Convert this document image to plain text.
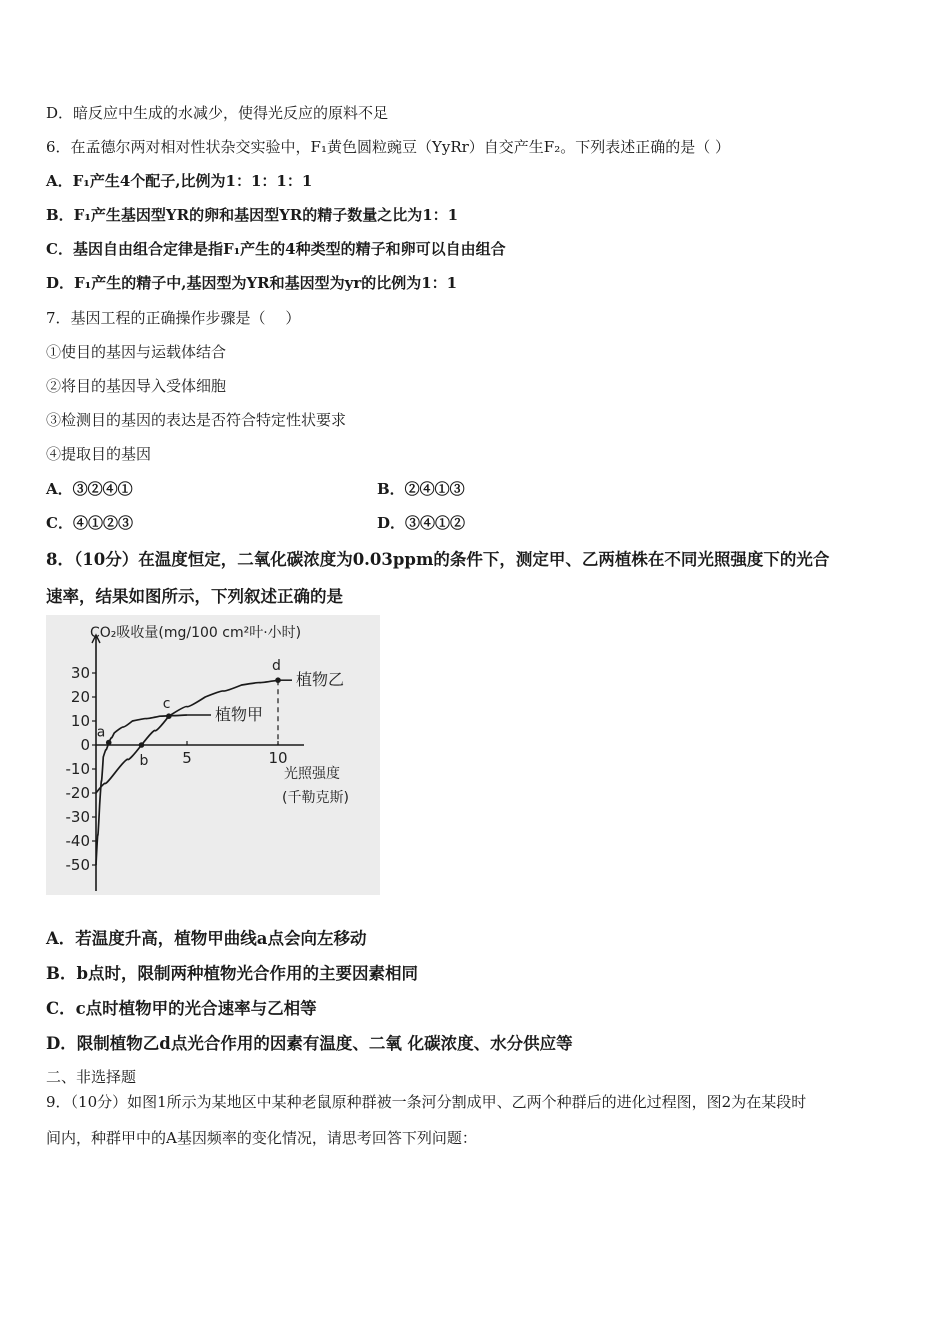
D．暗反应中生成的水减少，使得光反应的原料不足
6．在孟德尔两对相对性状杂交实验中，F₁黄色圆粒豌豆（YyRr）自交产生F₂。下列表述正确的是（ ）
A．F₁产生4个配子,比例为1：1：1：1
B．F₁产生基因型YR的卵和基因型YR的精子数量之比为1：1
C．基因自由组合定律是指F₁产生的4种类型的精子和卵可以自由组合
D．F₁产生的精子中,基因型为YR和基因型为yr的比例为1：1
7．基因工程的正确操作步骤是（　 ）
①使目的基因与运载体结合
②将目的基因导入受体细胞
③检测目的基因的表达是否符合特定性状要求
④提取目的基因
A．③②④①	B．②④①③
C．④①②③	D．③④①②
8．（10分）在温度恒定，二氧化碳浓度为0.03ppm的条件下，测定甲、乙两植株在不同光照强度下的光合
速率，结果如图所示，下列叙述正确的是
30
20
10
0
-10
-20
-30
-40
-50
5	10
植物甲
植物乙
a
b
c
d
CO₂吸收量(mg/100 cm²叶·小时)
光照强度
(千勒克斯)
A．若温度升高，植物甲曲线a点会向左移动
B．b点时，限制两种植物光合作用的主要因素相同
C．c点时植物甲的光合速率与乙相等
D．限制植物乙d点光合作用的因素有温度、二氧 化碳浓度、水分供应等
二、非选择题
9．（10分）如图1所示为某地区中某种老鼠原种群被一条河分割成甲、乙两个种群后的进化过程图，图2为在某段时
间内，种群甲中的A基因频率的变化情况，请思考回答下列问题：
